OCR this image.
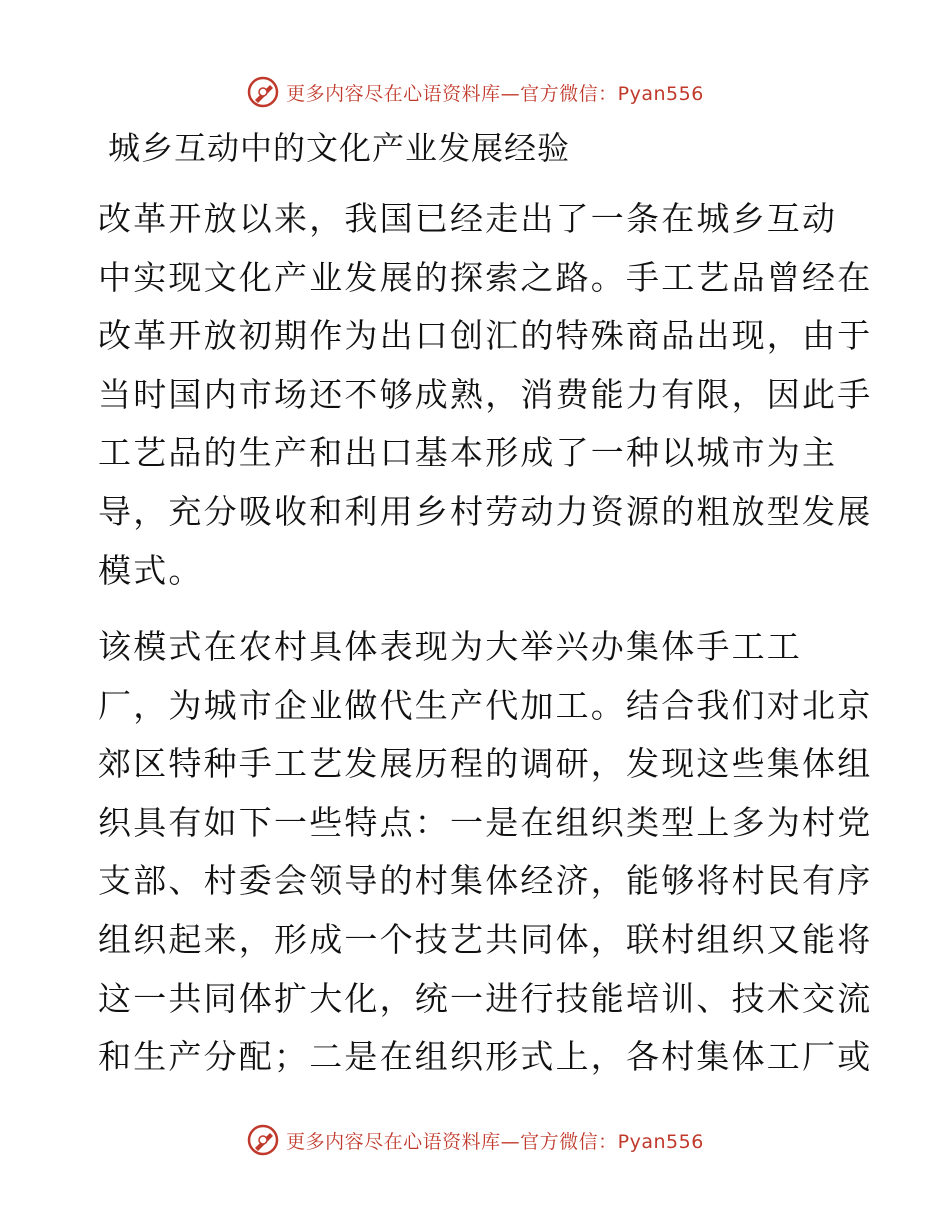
更多内容尽在心语资料库—官方微信：Pyan556
城乡互动中的文化产业发展经验
改革开放以来，我国已经走出了一条在城乡互动
中实现文化产业发展的探索之路。手工艺品曾经在
改革开放初期作为出口创汇的特殊商品出现，由于
当时国内市场还不够成熟，消费能力有限，因此手
工艺品的生产和出口基本形成了一种以城市为主
导，充分吸收和利用乡村劳动力资源的粗放型发展
模式。
该模式在农村具体表现为大举兴办集体手工工
厂，为城市企业做代生产代加工。结合我们对北京
郊区特种手工艺发展历程的调研，发现这些集体组
织具有如下一些特点：一是在组织类型上多为村党
支部、村委会领导的村集体经济，能够将村民有序
组织起来，形成一个技艺共同体，联村组织又能将
这一共同体扩大化，统一进行技能培训、技术交流
和生产分配；二是在组织形式上，各村集体工厂或
更多内容尽在心语资料库—官方微信：Pyan556
